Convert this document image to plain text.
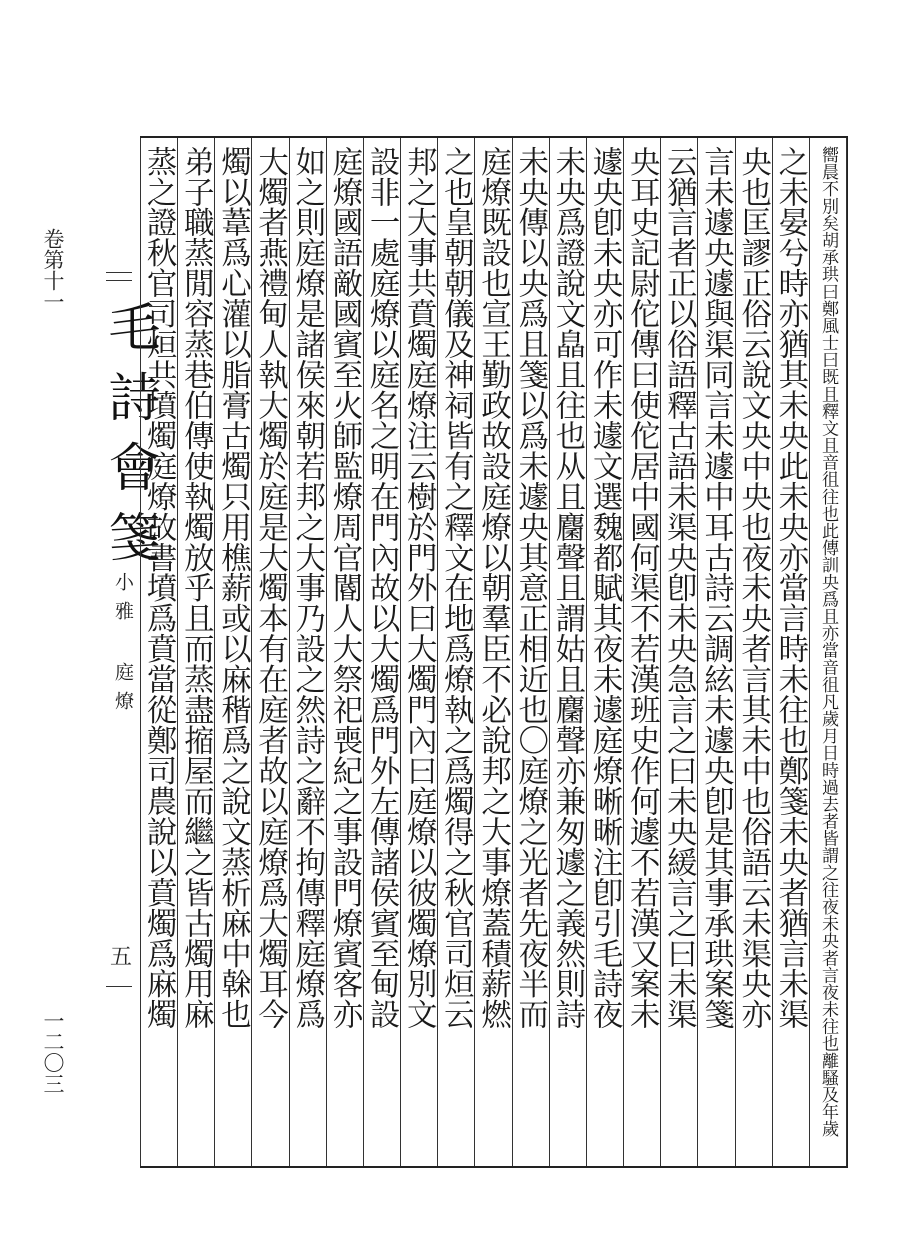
卷第十一
一二〇三
毛詩會箋
小雅 庭燎
五	嚮晨不別矣胡承珙曰鄭風士曰既且釋文且音徂往也此傳訓央爲且亦當音徂凡歲月日時過去者皆謂之往夜未央者言夜未往也離騷及年歲
之未晏兮時亦猶其未央此未央亦當言時未往也鄭箋未央者猶言未渠
央也匡謬正俗云說文央中央也夜未央者言其未中也俗語云未渠央亦
言未遽央遽與渠同言未遽中耳古詩云調絃未遽央卽是其事承珙案箋
云猶言者正以俗語釋古語未渠央卽未央急言之曰未央緩言之曰未渠
央耳史記尉佗傳曰使佗居中國何渠不若漢班史作何遽不若漢又案未
遽央卽未央亦可作未遽文選魏都賦其夜未遽庭燎晰晰注卽引毛詩夜
未央爲證說文皛且往也从且麕聲且謂姑且麕聲亦兼匆遽之義然則詩
未央傳以央爲且箋以爲未遽央其意正相近也〇庭燎之光者先夜半而
庭燎既設也宣王勤政故設庭燎以朝羣臣不必說邦之大事燎蓋積薪燃
之也皇朝朝儀及神祠皆有之釋文在地爲燎執之爲燭得之秋官司烜云
邦之大事共賁燭庭燎注云樹於門外曰大燭門內曰庭燎以彼燭燎別文
設非一處庭燎以庭名之明在門內故以大燭爲門外左傳諸侯賓至甸設
庭燎國語敵國賓至火師監燎周官閽人大祭祀喪紀之事設門燎賓客亦
如之則庭燎是諸侯來朝若邦之大事乃設之然詩之辭不拘傳釋庭燎爲
大燭者燕禮甸人執大燭於庭是大燭本有在庭者故以庭燎爲大燭耳今
燭以葦爲心灌以脂膏古燭只用樵薪或以麻稭爲之說文蒸析麻中榦也
弟子職蒸閒容蒸巷伯傳使執燭放乎且而蒸盡摍屋而繼之皆古燭用麻
蒸之證秋官司烜共墳燭庭燎故書墳爲賁當從鄭司農說以賁燭爲麻燭
